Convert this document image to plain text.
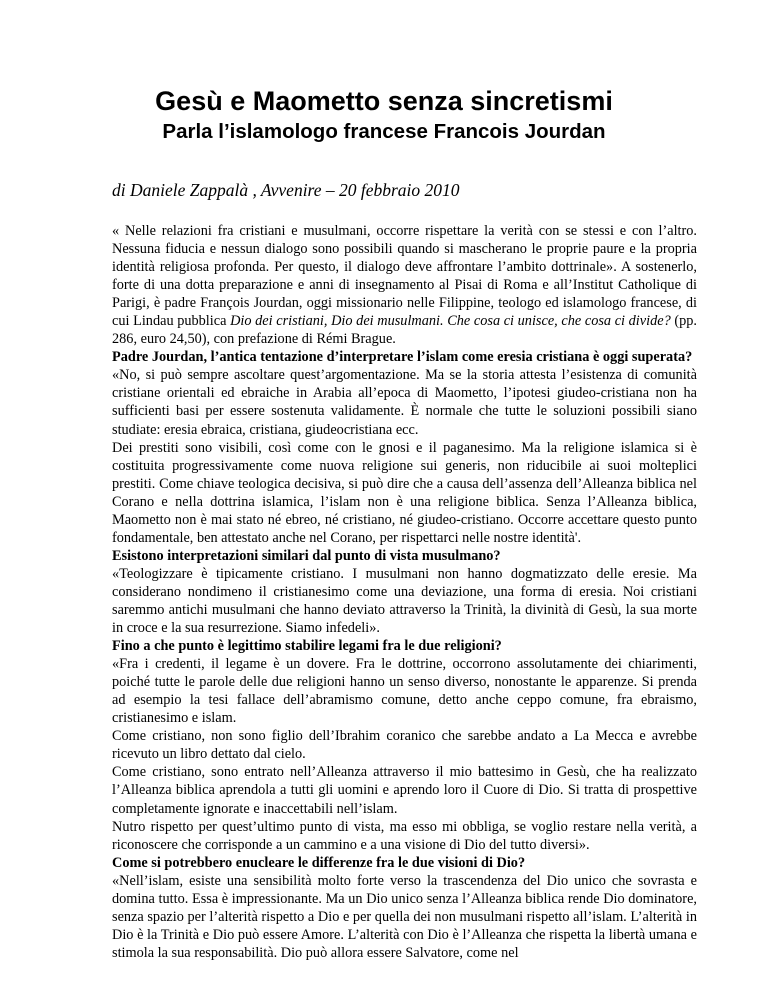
Gesù e Maometto senza sincretismi
Parla l’islamologo francese Francois Jourdan
di Daniele Zappalà , Avvenire – 20 febbraio 2010

« Nelle relazioni fra cristiani e musulmani, occorre rispettare la verità con se stessi e con l’altro. Nessuna fiducia e nessun dialogo sono possibili quando si mascherano le proprie paure e la propria identità religiosa profonda. Per questo, il dialogo deve affrontare l’ambito dottrinale». A sostenerlo, forte di una dotta preparazione e anni di insegnamento al Pisai di Roma e all’Institut Catholique di Parigi, è padre François Jourdan, oggi missionario nelle Filippine, teologo ed islamologo francese, di cui Lindau pubblica Dio dei cristiani, Dio dei musulmani. Che cosa ci unisce, che cosa ci divide? (pp. 286, euro 24,50), con prefazione di Rémi Brague.

Padre Jourdan, l’antica tentazione d’interpretare l’islam come eresia cristiana è oggi superata?

«No, si può sempre ascoltare quest’argomentazione. Ma se la storia attesta l’esistenza di comunità cristiane orientali ed ebraiche in Arabia all’epoca di Maometto, l’ipotesi giudeo-cristiana non ha sufficienti basi per essere sostenuta validamente. È normale che tutte le soluzioni possibili siano studiate: eresia ebraica, cristiana, giudeocristiana ecc.

Dei prestiti sono visibili, così come con le gnosi e il paganesimo. Ma la religione islamica si è costituita progressivamente come nuova religione sui generis, non riducibile ai suoi molteplici prestiti. Come chiave teologica decisiva, si può dire che a causa dell’assenza dell’Alleanza biblica nel Corano e nella dottrina islamica, l’islam non è una religione biblica. Senza l’Alleanza biblica, Maometto non è mai stato né ebreo, né cristiano, né giudeo-cristiano. Occorre accettare questo punto fondamentale, ben attestato anche nel Corano, per rispettarci nelle nostre identità'.

Esistono interpretazioni similari dal punto di vista musulmano?

«Teologizzare è tipicamente cristiano. I musulmani non hanno dogmatizzato delle eresie. Ma considerano nondimeno il cristianesimo come una deviazione, una forma di eresia. Noi cristiani saremmo antichi musulmani che hanno deviato attraverso la Trinità, la divinità di Gesù, la sua morte in croce e la sua resurrezione. Siamo infedeli».

Fino a che punto è legittimo stabilire legami fra le due religioni?

«Fra i credenti, il legame è un dovere. Fra le dottrine, occorrono assolutamente dei chiarimenti, poiché tutte le parole delle due religioni hanno un senso diverso, nonostante le apparenze. Si prenda ad esempio la tesi fallace dell’abramismo comune, detto anche ceppo comune, fra ebraismo, cristianesimo e islam.

Come cristiano, non sono figlio dell’Ibrahim coranico che sarebbe andato a La Mecca e avrebbe ricevuto un libro dettato dal cielo.

Come cristiano, sono entrato nell’Alleanza attraverso il mio battesimo in Gesù, che ha realizzato l’Alleanza biblica aprendola a tutti gli uomini e aprendo loro il Cuore di Dio. Si tratta di prospettive completamente ignorate e inaccettabili nell’islam.

Nutro rispetto per quest’ultimo punto di vista, ma esso mi obbliga, se voglio restare nella verità, a riconoscere che corrisponde a un cammino e a una visione di Dio del tutto diversi».

Come si potrebbero enucleare le differenze fra le due visioni di Dio?

«Nell’islam, esiste una sensibilità molto forte verso la trascendenza del Dio unico che sovrasta e domina tutto. Essa è impressionante. Ma un Dio unico senza l’Alleanza biblica rende Dio dominatore, senza spazio per l’alterità rispetto a Dio e per quella dei non musulmani rispetto all’islam. L’alterità in Dio è la Trinità e Dio può essere Amore. L’alterità con Dio è l’Alleanza che rispetta la libertà umana e stimola la sua responsabilità. Dio può allora essere Salvatore, come nel
